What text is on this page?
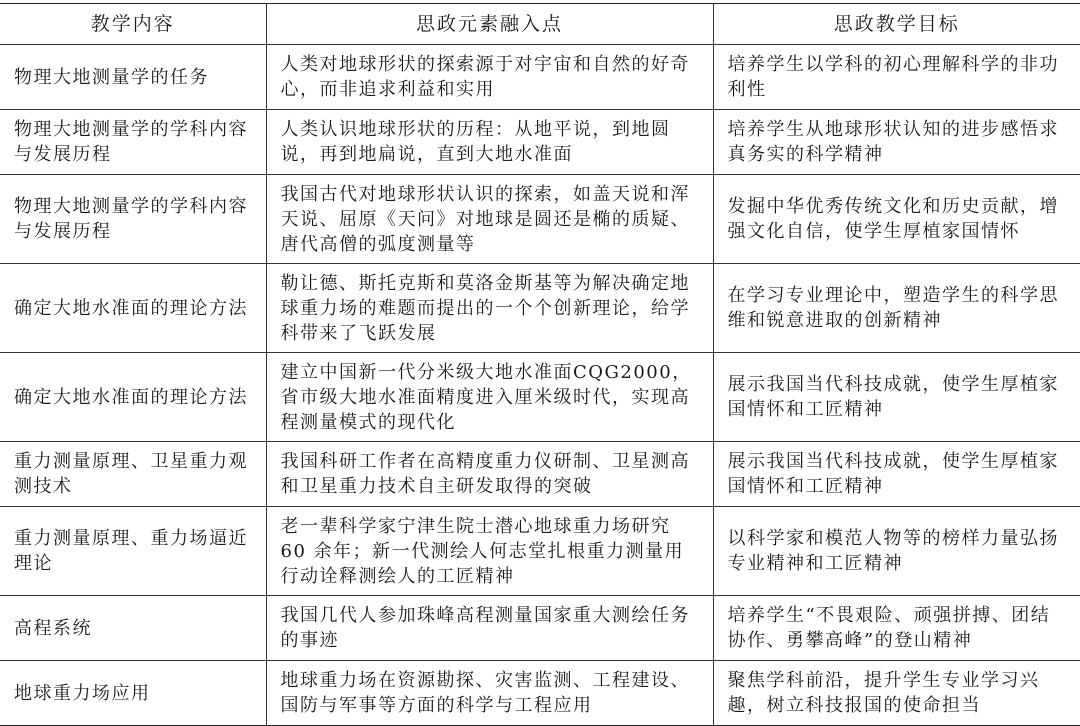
教学内容	思政元素融入点	思政教学目标
物理大地测量学的任务	人类对地球形状的探索源于对宇宙和自然的好奇心，而非追求利益和实用	培养学生以学科的初心理解科学的非功利性
物理大地测量学的学科内容与发展历程	人类认识地球形状的历程：从地平说，到地圆说，再到地扁说，直到大地水准面	培养学生从地球形状认知的进步感悟求真务实的科学精神
物理大地测量学的学科内容与发展历程	我国古代对地球形状认识的探索，如盖天说和浑天说、屈原《天问》对地球是圆还是椭的质疑、唐代高僧的弧度测量等	发掘中华优秀传统文化和历史贡献，增强文化自信，使学生厚植家国情怀
确定大地水准面的理论方法	勒让德、斯托克斯和莫洛金斯基等为解决确定地球重力场的难题而提出的一个个创新理论，给学科带来了飞跃发展	在学习专业理论中，塑造学生的科学思维和锐意进取的创新精神
确定大地水准面的理论方法	建立中国新一代分米级大地水准面CQG2000，省市级大地水准面精度进入厘米级时代，实现高程测量模式的现代化	展示我国当代科技成就，使学生厚植家国情怀和工匠精神
重力测量原理、卫星重力观测技术	我国科研工作者在高精度重力仪研制、卫星测高和卫星重力技术自主研发取得的突破	展示我国当代科技成就，使学生厚植家国情怀和工匠精神
重力测量原理、重力场逼近理论	老一辈科学家宁津生院士潜心地球重力场研究 60 余年；新一代测绘人何志堂扎根重力测量用行动诠释测绘人的工匠精神	以科学家和模范人物等的榜样力量弘扬专业精神和工匠精神
高程系统	我国几代人参加珠峰高程测量国家重大测绘任务的事迹	培养学生“不畏艰险、顽强拼搏、团结协作、勇攀高峰”的登山精神
地球重力场应用	地球重力场在资源勘探、灾害监测、工程建设、国防与军事等方面的科学与工程应用	聚焦学科前沿，提升学生专业学习兴趣，树立科技报国的使命担当
